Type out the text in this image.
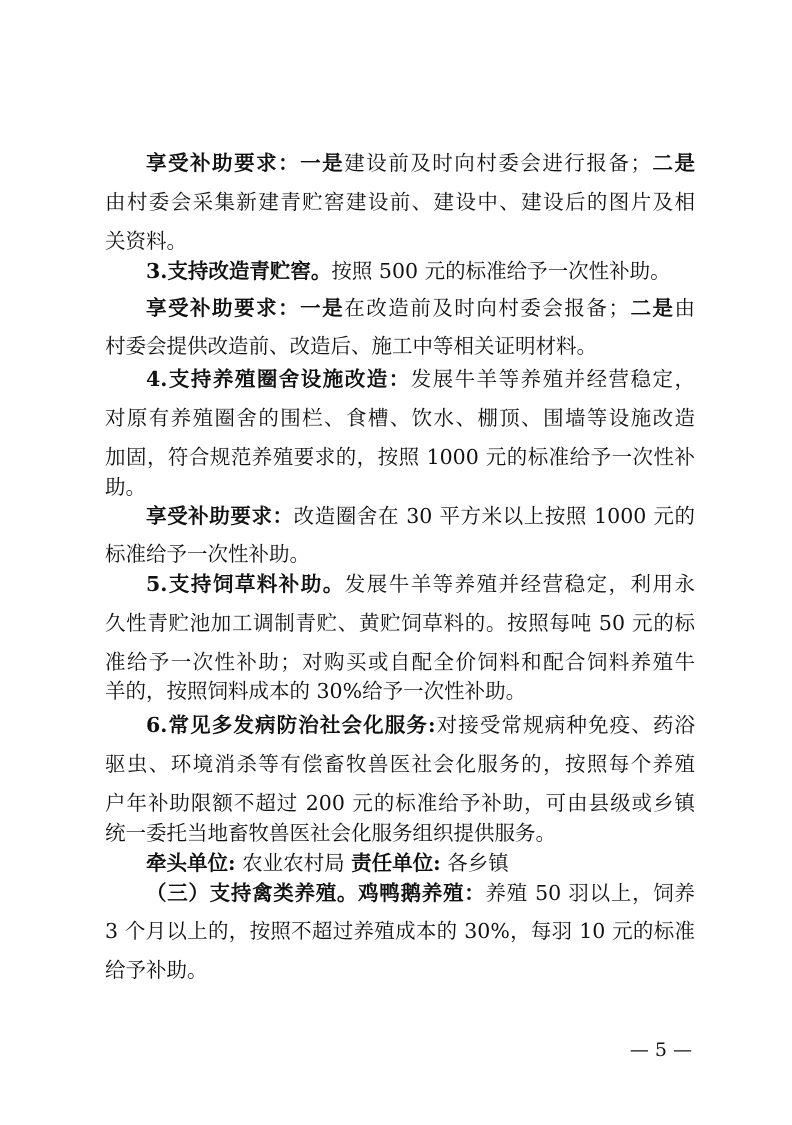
享受补助要求：一是建设前及时向村委会进行报备；二是
由村委会采集新建青贮窖建设前、建设中、建设后的图片及相
关资料。
3.支持改造青贮窖。按照 500 元的标准给予一次性补助。
享受补助要求：一是在改造前及时向村委会报备；二是由
村委会提供改造前、改造后、施工中等相关证明材料。
4.支持养殖圈舍设施改造：发展牛羊等养殖并经营稳定，
对原有养殖圈舍的围栏、食槽、饮水、棚顶、围墙等设施改造
加固，符合规范养殖要求的，按照 1000 元的标准给予一次性补
助。
享受补助要求：改造圈舍在 30 平方米以上按照 1000 元的
标准给予一次性补助。
5.支持饲草料补助。发展牛羊等养殖并经营稳定，利用永
久性青贮池加工调制青贮、黄贮饲草料的。按照每吨 50 元的标
准给予一次性补助；对购买或自配全价饲料和配合饲料养殖牛
羊的，按照饲料成本的 30%给予一次性补助。
6.常见多发病防治社会化服务:对接受常规病种免疫、药浴
驱虫、环境消杀等有偿畜牧兽医社会化服务的，按照每个养殖
户年补助限额不超过 200 元的标准给予补助，可由县级或乡镇
统一委托当地畜牧兽医社会化服务组织提供服务。
牵头单位: 农业农村局 责任单位: 各乡镇
（三）支持禽类养殖。鸡鸭鹅养殖：养殖 50 羽以上，饲养
3 个月以上的，按照不超过养殖成本的 30%，每羽 10 元的标准
给予补助。
— 5 —
